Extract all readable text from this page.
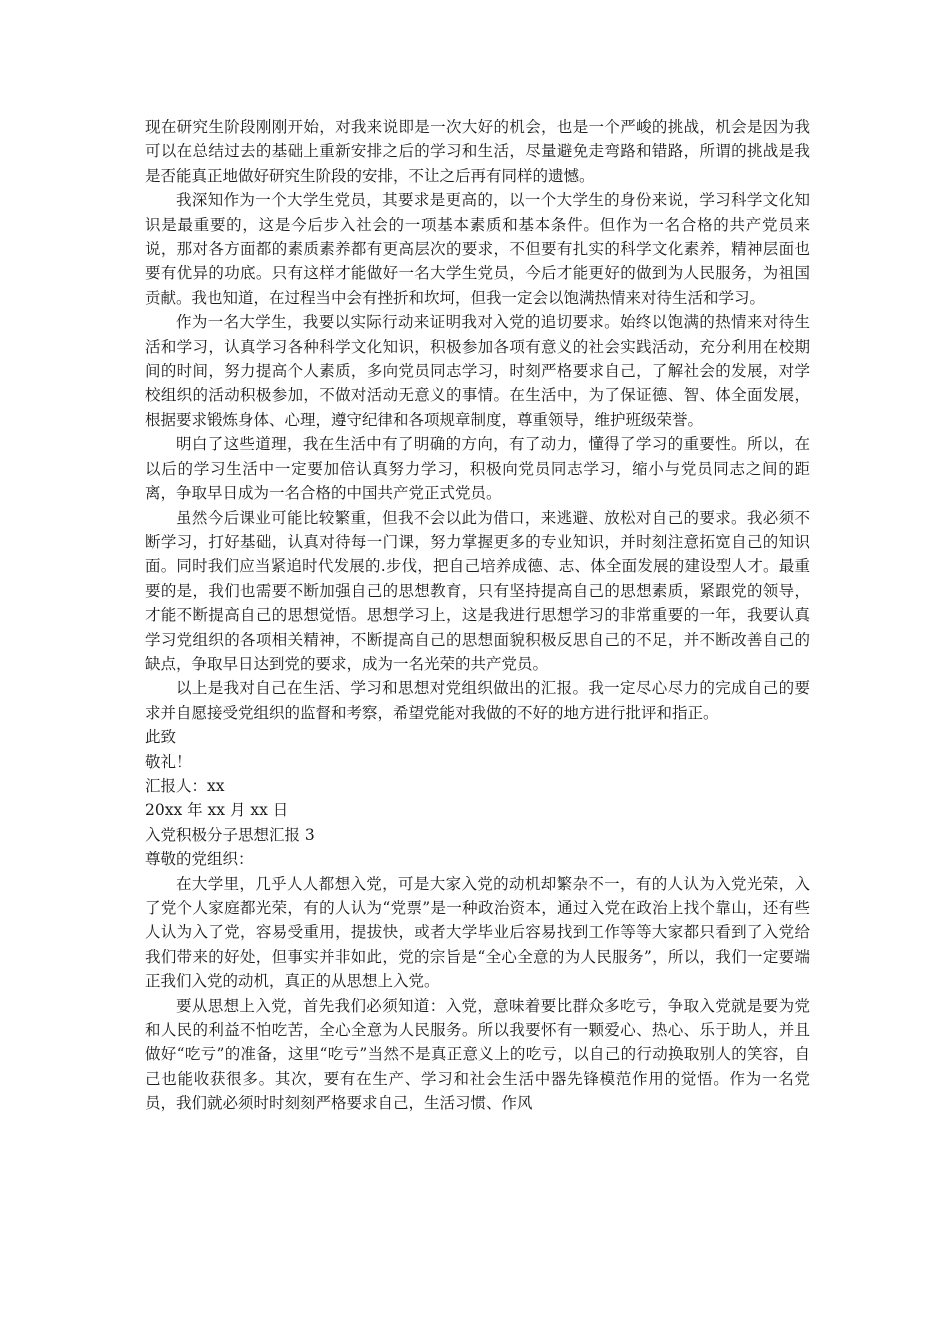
现在研究生阶段刚刚开始，对我来说即是一次大好的机会，也是一个严峻的挑战，机会是因为我可以在总结过去的基础上重新安排之后的学习和生活，尽量避免走弯路和错路，所谓的挑战是我是否能真正地做好研究生阶段的安排，不让之后再有同样的遗憾。

我深知作为一个大学生党员，其要求是更高的，以一个大学生的身份来说，学习科学文化知识是最重要的，这是今后步入社会的一项基本素质和基本条件。但作为一名合格的共产党员来说，那对各方面都的素质素养都有更高层次的要求，不但要有扎实的科学文化素养，精神层面也要有优异的功底。只有这样才能做好一名大学生党员，今后才能更好的做到为人民服务，为祖国贡献。我也知道，在过程当中会有挫折和坎坷，但我一定会以饱满热情来对待生活和学习。

作为一名大学生，我要以实际行动来证明我对入党的追切要求。始终以饱满的热情来对待生活和学习，认真学习各种科学文化知识，积极参加各项有意义的社会实践活动，充分利用在校期间的时间，努力提高个人素质，多向党员同志学习，时刻严格要求自己，了解社会的发展，对学校组织的活动积极参加，不做对活动无意义的事情。在生活中，为了保证德、智、体全面发展，根据要求锻炼身体、心理，遵守纪律和各项规章制度，尊重领导，维护班级荣誉。

明白了这些道理，我在生活中有了明确的方向，有了动力，懂得了学习的重要性。所以，在以后的学习生活中一定要加倍认真努力学习，积极向党员同志学习，缩小与党员同志之间的距离，争取早日成为一名合格的中国共产党正式党员。

虽然今后课业可能比较繁重，但我不会以此为借口，来逃避、放松对自己的要求。我必须不断学习，打好基础，认真对待每一门课，努力掌握更多的专业知识，并时刻注意拓宽自己的知识面。同时我们应当紧追时代发展的.步伐，把自己培养成德、志、体全面发展的建设型人才。最重要的是，我们也需要不断加强自己的思想教育，只有坚持提高自己的思想素质，紧跟党的领导，才能不断提高自己的思想觉悟。思想学习上，这是我进行思想学习的非常重要的一年，我要认真学习党组织的各项相关精神，不断提高自己的思想面貌积极反思自己的不足，并不断改善自己的缺点，争取早日达到党的要求，成为一名光荣的共产党员。

以上是我对自己在生活、学习和思想对党组织做出的汇报。我一定尽心尽力的完成自己的要求并自愿接受党组织的监督和考察，希望党能对我做的不好的地方进行批评和指正。

此致

敬礼！

汇报人：xx

20xx 年 xx 月 xx 日

入党积极分子思想汇报 3

尊敬的党组织：

在大学里，几乎人人都想入党，可是大家入党的动机却繁杂不一，有的人认为入党光荣，入了党个人家庭都光荣，有的人认为“党票”是一种政治资本，通过入党在政治上找个靠山，还有些人认为入了党，容易受重用，提拔快，或者大学毕业后容易找到工作等等大家都只看到了入党给我们带来的好处，但事实并非如此，党的宗旨是“全心全意的为人民服务”，所以，我们一定要端正我们入党的动机，真正的从思想上入党。

要从思想上入党，首先我们必须知道：入党，意味着要比群众多吃亏，争取入党就是要为党和人民的利益不怕吃苦，全心全意为人民服务。所以我要怀有一颗爱心、热心、乐于助人，并且做好“吃亏”的准备，这里“吃亏”当然不是真正意义上的吃亏，以自己的行动换取别人的笑容，自己也能收获很多。其次，要有在生产、学习和社会生活中器先锋模范作用的觉悟。作为一名党员，我们就必须时时刻刻严格要求自己，生活习惯、作风
